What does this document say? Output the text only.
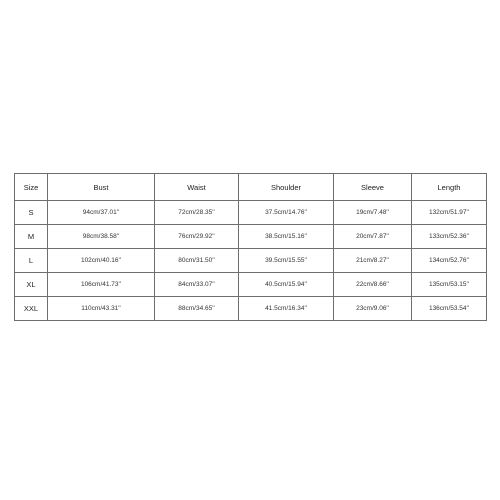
Size	Bust	Waist	Shoulder	Sleeve	Length
S	94cm/37.01''	72cm/28.35''	37.5cm/14.76''	19cm/7.48''	132cm/51.97''
M	98cm/38.58''	76cm/29.92''	38.5cm/15.16''	20cm/7.87''	133cm/52.36''
L	102cm/40.16''	80cm/31.50''	39.5cm/15.55''	21cm/8.27''	134cm/52.76''
XL	106cm/41.73''	84cm/33.07''	40.5cm/15.94''	22cm/8.66''	135cm/53.15''
XXL	110cm/43.31''	88cm/34.65''	41.5cm/16.34''	23cm/9.06''	136cm/53.54''
